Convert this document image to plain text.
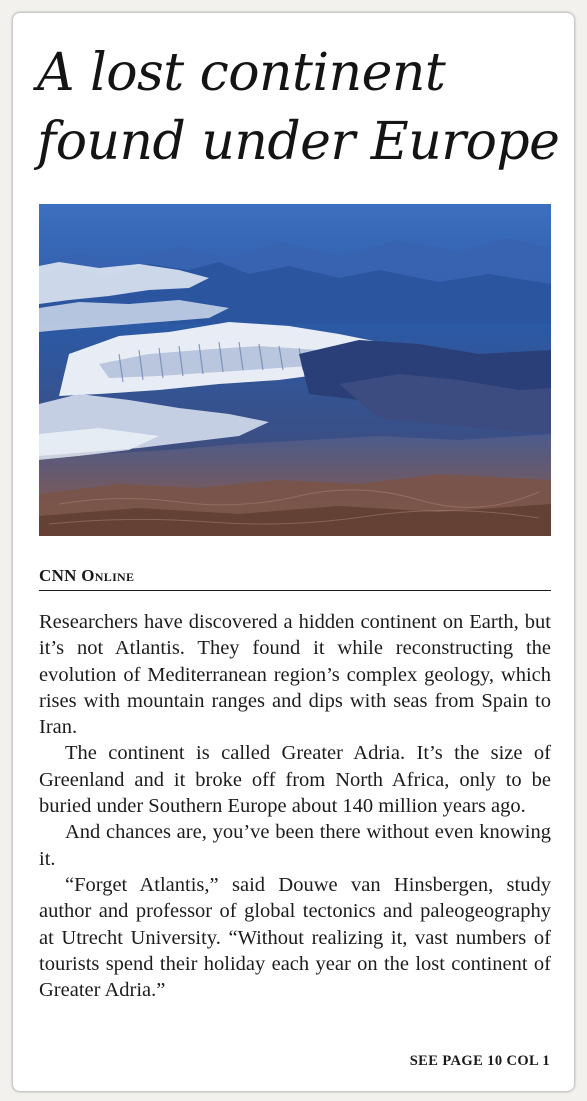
A lost continent
found under Europe
CNN Online

Researchers have discovered a hidden continent on Earth, but it’s not Atlantis. They found it while reconstructing the evolution of Mediterranean region’s complex geology, which rises with mountain ranges and dips with seas from Spain to Iran.

The continent is called Greater Adria. It’s the size of Greenland and it broke off from North Africa, only to be buried under Southern Europe about 140 million years ago.

And chances are, you’ve been there without even knowing it.

“Forget Atlantis,” said Douwe van Hinsbergen, study author and professor of global tectonics and paleogeography at Utrecht University. “Without realizing it, vast numbers of tourists spend their holiday each year on the lost continent of Greater Adria.”

SEE PAGE 10 COL 1
